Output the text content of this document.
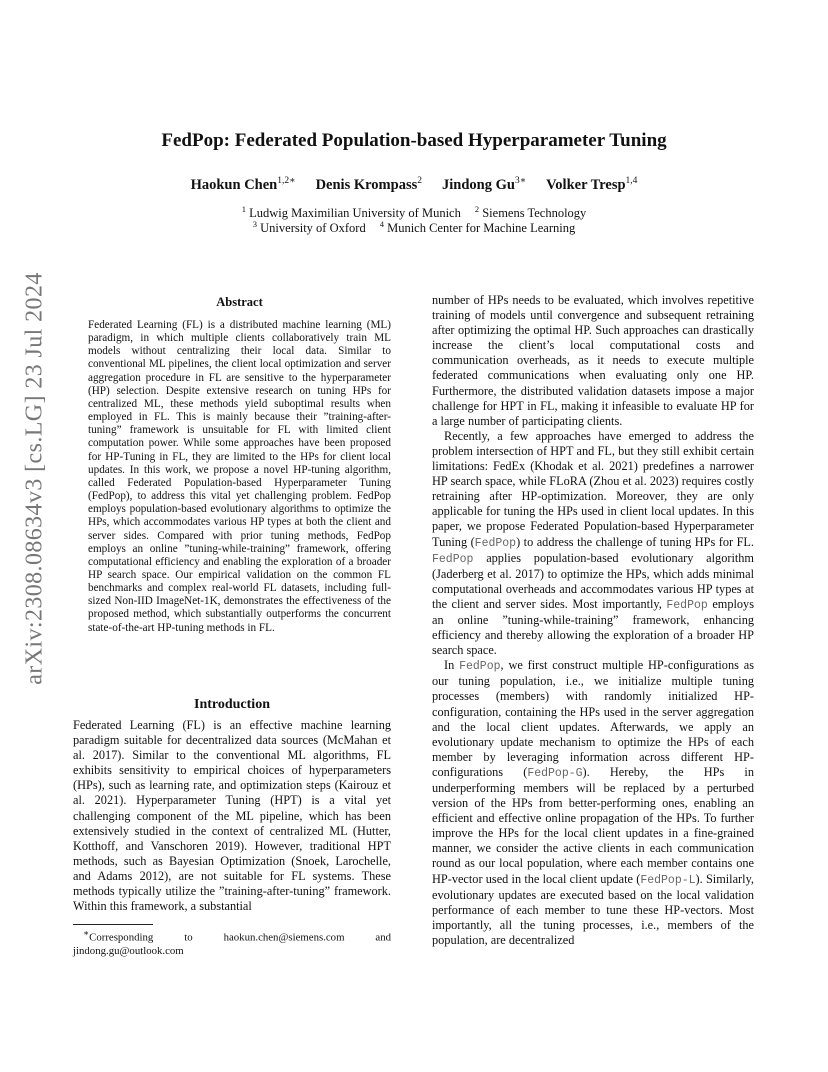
FedPop: Federated Population-based Hyperparameter Tuning
Haokun Chen$^{1,2∗}$ Denis Krompass$^2$ Jindong $Gu^{3∗}$ Volker Tresp$^{1,4}$
$^1$ Ludwig Maximilian University of Munich $^2$ Siemens Technology
$^3$ University of Oxford $^4$ Munich Center for Machine Learning
arXiv:2308.08634v3 [cs.LG] 23 Jul 2024	Abstract

Federated Learning (FL) is a distributed machine learning (ML) paradigm, in which multiple clients collaboratively train ML models without centralizing their local data. Similar to conventional ML pipelines, the client local optimization and server aggregation procedure in FL are sensitive to the hyperparameter (HP) selection. Despite extensive research on tuning HPs for centralized ML, these methods yield suboptimal results when employed in FL. This is mainly because their ”training-after-tuning” framework is unsuitable for FL with limited client computation power. While some approaches have been proposed for HP-Tuning in FL, they are limited to the HPs for client local updates. In this work, we propose a novel HP-tuning algorithm, called Federated Population-based Hyperparameter Tuning (FedPop), to address this vital yet challenging problem. FedPop employs population-based evolutionary algorithms to optimize the HPs, which accommodates various HP types at both the client and server sides. Compared with prior tuning methods, FedPop employs an online ”tuning-while-training” framework, offering computational efficiency and enabling the exploration of a broader HP search space. Our empirical validation on the common FL benchmarks and complex real-world FL datasets, including full-sized Non-IID ImageNet-1K, demonstrates the effectiveness of the proposed method, which substantially outperforms the concurrent state-of-the-art HP-tuning methods in FL.

Introduction

Federated Learning (FL) is an effective machine learning paradigm suitable for decentralized data sources (McMahan et al. 2017). Similar to the conventional ML algorithms, FL exhibits sensitivity to empirical choices of hyperparameters (HPs), such as learning rate, and optimization steps (Kairouz et al. 2021). Hyperparameter Tuning (HPT) is a vital yet challenging component of the ML pipeline, which has been extensively studied in the context of centralized ML (Hutter, Kotthoff, and Vanschoren 2019). However, traditional HPT methods, such as Bayesian Optimization (Snoek, Larochelle, and Adams 2012), are not suitable for FL systems. These methods typically utilize the ”training-after-tuning” framework. Within this framework, a substantial

∗Corresponding to haokun.chen@siemens.com and jindong.gu@outlook.com

number of HPs needs to be evaluated, which involves repetitive training of models until convergence and subsequent retraining after optimizing the optimal HP. Such approaches can drastically increase the client’s local computational costs and communication overheads, as it needs to execute multiple federated communications when evaluating only one HP. Furthermore, the distributed validation datasets impose a major challenge for HPT in FL, making it infeasible to evaluate HP for a large number of participating clients.

Recently, a few approaches have emerged to address the problem intersection of HPT and FL, but they still exhibit certain limitations: FedEx (Khodak et al. 2021) predefines a narrower HP search space, while FLoRA (Zhou et al. 2023) requires costly retraining after HP-optimization. Moreover, they are only applicable for tuning the HPs used in client local updates. In this paper, we propose Federated Population-based Hyperparameter Tuning (FedPop) to address the challenge of tuning HPs for FL. FedPop applies population-based evolutionary algorithm (Jaderberg et al. 2017) to optimize the HPs, which adds minimal computational overheads and accommodates various HP types at the client and server sides. Most importantly, FedPop employs an online ”tuning-while-training” framework, enhancing efficiency and thereby allowing the exploration of a broader HP search space.

In FedPop, we first construct multiple HP-configurations as our tuning population, i.e., we initialize multiple tuning processes (members) with randomly initialized HP-configuration, containing the HPs used in the server aggregation and the local client updates. Afterwards, we apply an evolutionary update mechanism to optimize the HPs of each member by leveraging information across different HP-configurations (FedPop-G). Hereby, the HPs in underperforming members will be replaced by a perturbed version of the HPs from better-performing ones, enabling an efficient and effective online propagation of the HPs. To further improve the HPs for the local client updates in a fine-grained manner, we consider the active clients in each communication round as our local population, where each member contains one HP-vector used in the local client update (FedPop-L). Similarly, evolutionary updates are executed based on the local validation performance of each member to tune these HP-vectors. Most importantly, all the tuning processes, i.e., members of the population, are decentralized
